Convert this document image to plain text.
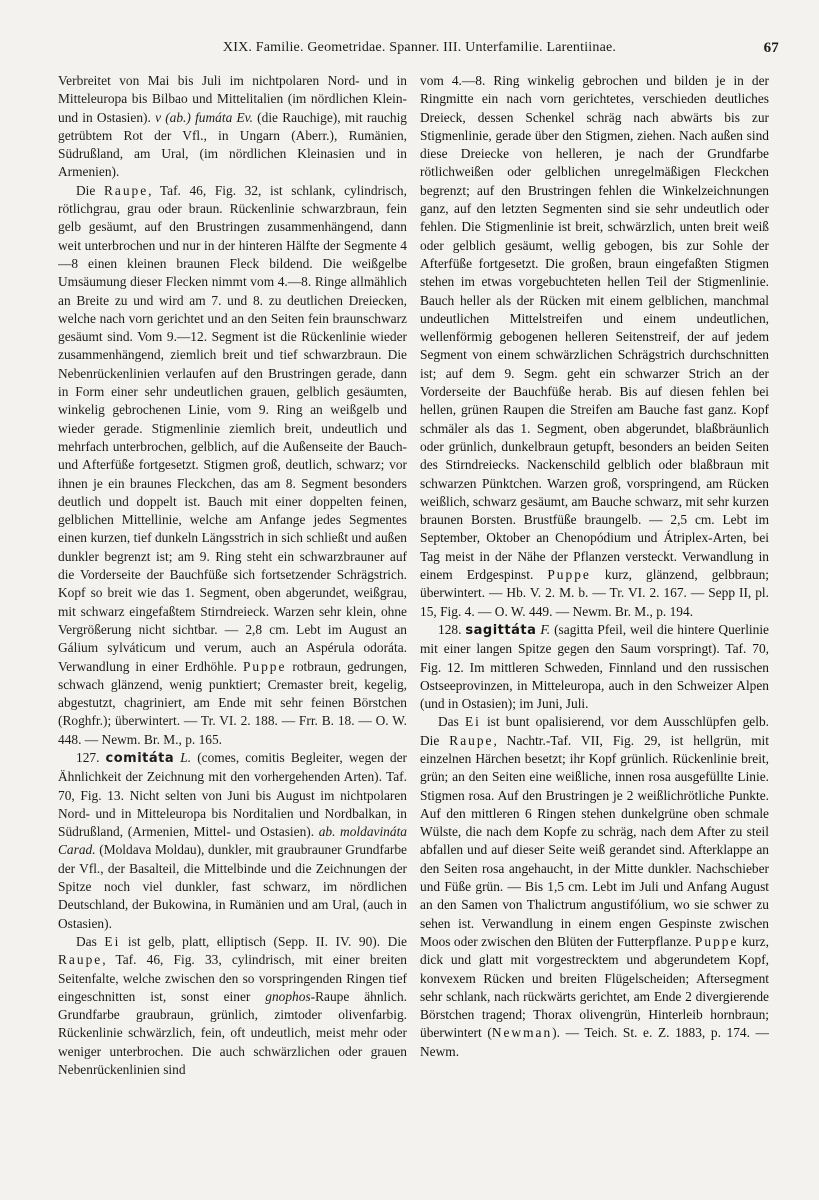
XIX. Familie. Geometridae. Spanner. III. Unterfamilie. Larentiinae.	67

Verbreitet von Mai bis Juli im nichtpolaren Nord- und in Mitteleuropa bis Bilbao und Mittelitalien (im nördlichen Klein- und in Ostasien). v (ab.) fumáta Ev. (die Rauchige), mit rauchig getrübtem Rot der Vfl., in Ungarn (Aberr.), Rumänien, Südrußland, am Ural, (im nördlichen Kleinasien und in Armenien).

Die Raupe, Taf. 46, Fig. 32, ist schlank, cylindrisch, rötlichgrau, grau oder braun. Rückenlinie schwarzbraun, fein gelb gesäumt, auf den Brustringen zusammenhängend, dann weit unterbrochen und nur in der hinteren Hälfte der Segmente 4—8 einen kleinen braunen Fleck bildend. Die weißgelbe Umsäumung dieser Flecken nimmt vom 4.—8. Ringe allmählich an Breite zu und wird am 7. und 8. zu deutlichen Dreiecken, welche nach vorn gerichtet und an den Seiten fein braunschwarz gesäumt sind. Vom 9.—12. Segment ist die Rückenlinie wieder zusammenhängend, ziemlich breit und tief schwarzbraun. Die Nebenrückenlinien verlaufen auf den Brustringen gerade, dann in Form einer sehr undeutlichen grauen, gelblich gesäumten, winkelig gebrochenen Linie, vom 9. Ring an weißgelb und wieder gerade. Stigmenlinie ziemlich breit, undeutlich und mehrfach unterbrochen, gelblich, auf die Außenseite der Bauch- und Afterfüße fortgesetzt. Stigmen groß, deutlich, schwarz; vor ihnen je ein braunes Fleckchen, das am 8. Segment besonders deutlich und doppelt ist. Bauch mit einer doppelten feinen, gelblichen Mittellinie, welche am Anfange jedes Segmentes einen kurzen, tief dunkeln Längsstrich in sich schließt und außen dunkler begrenzt ist; am 9. Ring steht ein schwarzbrauner auf die Vorderseite der Bauchfüße sich fortsetzender Schrägstrich. Kopf so breit wie das 1. Segment, oben abgerundet, weißgrau, mit schwarz eingefaßtem Stirndreieck. Warzen sehr klein, ohne Vergrößerung nicht sichtbar. — 2,8 cm. Lebt im August an Gálium sylváticum und verum, auch an Aspérula odoráta. Verwandlung in einer Erdhöhle. Puppe rotbraun, gedrungen, schwach glänzend, wenig punktiert; Cremaster breit, kegelig, abgestutzt, chagriniert, am Ende mit sehr feinen Börstchen (Roghfr.); überwintert. — Tr. VI. 2. 188. — Frr. B. 18. — O. W. 448. — Newm. Br. M., p. 165.

127. comitáta L. (comes, comitis Begleiter, wegen der Ähnlichkeit der Zeichnung mit den vorhergehenden Arten). Taf. 70, Fig. 13. Nicht selten von Juni bis August im nichtpolaren Nord- und in Mitteleuropa bis Norditalien und Nordbalkan, in Südrußland, (Armenien, Mittel- und Ostasien). ab. moldavináta Carad. (Moldava Moldau), dunkler, mit graubrauner Grundfarbe der Vfl., der Basalteil, die Mittelbinde und die Zeichnungen der Spitze noch viel dunkler, fast schwarz, im nördlichen Deutschland, der Bukowina, in Rumänien und am Ural, (auch in Ostasien).

Das Ei ist gelb, platt, elliptisch (Sepp. II. IV. 90). Die Raupe, Taf. 46, Fig. 33, cylindrisch, mit einer breiten Seitenfalte, welche zwischen den so vorspringenden Ringen tief eingeschnitten ist, sonst einer gnophos-Raupe ähnlich. Grundfarbe graubraun, grünlich, zimtoder olivenfarbig. Rückenlinie schwärzlich, fein, oft undeutlich, meist mehr oder weniger unterbrochen. Die auch schwärzlichen oder grauen Nebenrückenlinien sind

vom 4.—8. Ring winkelig gebrochen und bilden je in der Ringmitte ein nach vorn gerichtetes, verschieden deutliches Dreieck, dessen Schenkel schräg nach abwärts bis zur Stigmenlinie, gerade über den Stigmen, ziehen. Nach außen sind diese Dreiecke von helleren, je nach der Grundfarbe rötlichweißen oder gelblichen unregelmäßigen Fleckchen begrenzt; auf den Brustringen fehlen die Winkelzeichnungen ganz, auf den letzten Segmenten sind sie sehr undeutlich oder fehlen. Die Stigmenlinie ist breit, schwärzlich, unten breit weiß oder gelblich gesäumt, wellig gebogen, bis zur Sohle der Afterfüße fortgesetzt. Die großen, braun eingefaßten Stigmen stehen im etwas vorgebuchteten hellen Teil der Stigmenlinie. Bauch heller als der Rücken mit einem gelblichen, manchmal undeutlichen Mittelstreifen und einem undeutlichen, wellenförmig gebogenen helleren Seitenstreif, der auf jedem Segment von einem schwärzlichen Schrägstrich durchschnitten ist; auf dem 9. Segm. geht ein schwarzer Strich an der Vorderseite der Bauchfüße herab. Bis auf diesen fehlen bei hellen, grünen Raupen die Streifen am Bauche fast ganz. Kopf schmäler als das 1. Segment, oben abgerundet, blaßbräunlich oder grünlich, dunkelbraun getupft, besonders an beiden Seiten des Stirndreiecks. Nackenschild gelblich oder blaßbraun mit schwarzen Pünktchen. Warzen groß, vorspringend, am Rücken weißlich, schwarz gesäumt, am Bauche schwarz, mit sehr kurzen braunen Borsten. Brustfüße braungelb. — 2,5 cm. Lebt im September, Oktober an Chenopódium und Átriplex-Arten, bei Tag meist in der Nähe der Pflanzen versteckt. Verwandlung in einem Erdgespinst. Puppe kurz, glänzend, gelbbraun; überwintert. — Hb. V. 2. M. b. — Tr. VI. 2. 167. — Sepp II, pl. 15, Fig. 4. — O. W. 449. — Newm. Br. M., p. 194.

128. sagittáta F. (sagitta Pfeil, weil die hintere Querlinie mit einer langen Spitze gegen den Saum vorspringt). Taf. 70, Fig. 12. Im mittleren Schweden, Finnland und den russischen Ostseeprovinzen, in Mitteleuropa, auch in den Schweizer Alpen (und in Ostasien); im Juni, Juli.

Das Ei ist bunt opalisierend, vor dem Ausschlüpfen gelb. Die Raupe, Nachtr.-Taf. VII, Fig. 29, ist hellgrün, mit einzelnen Härchen besetzt; ihr Kopf grünlich. Rückenlinie breit, grün; an den Seiten eine weißliche, innen rosa ausgefüllte Linie. Stigmen rosa. Auf den Brustringen je 2 weißlichrötliche Punkte. Auf den mittleren 6 Ringen stehen dunkelgrüne oben schmale Wülste, die nach dem Kopfe zu schräg, nach dem After zu steil abfallen und auf dieser Seite weiß gerandet sind. Afterklappe an den Seiten rosa angehaucht, in der Mitte dunkler. Nachschieber und Füße grün. — Bis 1,5 cm. Lebt im Juli und Anfang August an den Samen von Thalictrum angustifólium, wo sie schwer zu sehen ist. Verwandlung in einem engen Gespinste zwischen Moos oder zwischen den Blüten der Futterpflanze. Puppe kurz, dick und glatt mit vorgestrecktem und abgerundetem Kopf, konvexem Rücken und breiten Flügelscheiden; Aftersegment sehr schlank, nach rückwärts gerichtet, am Ende 2 divergierende Börstchen tragend; Thorax olivengrün, Hinterleib hornbraun; überwintert (Newman). — Teich. St. e. Z. 1883, p. 174. — Newm.
